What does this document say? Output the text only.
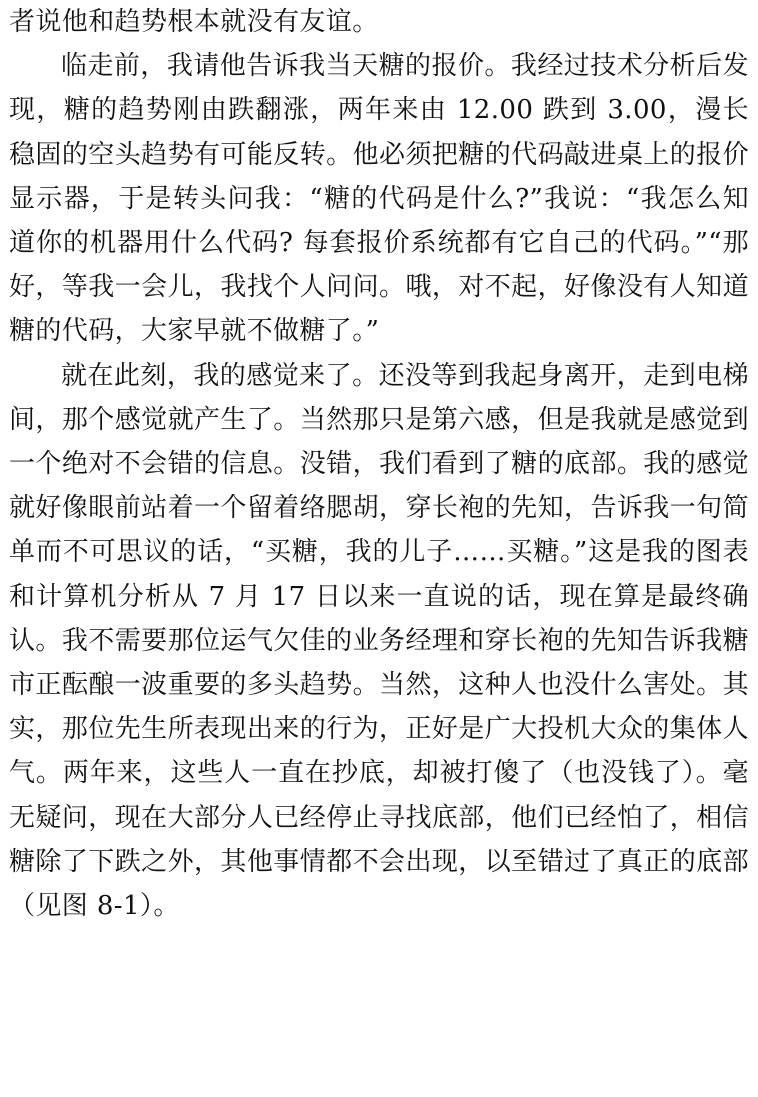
者说他和趋势根本就没有友谊。

临走前，我请他告诉我当天糖的报价。我经过技术分析后发现，糖的趋势刚由跌翻涨，两年来由 12.00 跌到 3.00，漫长稳固的空头趋势有可能反转。他必须把糖的代码敲进桌上的报价显示器，于是转头问我：“糖的代码是什么?”我说：“我怎么知道你的机器用什么代码? 每套报价系统都有它自己的代码。”“那好，等我一会儿，我找个人问问。哦，对不起，好像没有人知道糖的代码，大家早就不做糖了。”

就在此刻，我的感觉来了。还没等到我起身离开，走到电梯间，那个感觉就产生了。当然那只是第六感，但是我就是感觉到一个绝对不会错的信息。没错，我们看到了糖的底部。我的感觉就好像眼前站着一个留着络腮胡，穿长袍的先知，告诉我一句简单而不可思议的话，“买糖，我的儿子……买糖。”这是我的图表和计算机分析从 7 月 17 日以来一直说的话，现在算是最终确认。我不需要那位运气欠佳的业务经理和穿长袍的先知告诉我糖市正酝酿一波重要的多头趋势。当然，这种人也没什么害处。其实，那位先生所表现出来的行为，正好是广大投机大众的集体人气。两年来，这些人一直在抄底，却被打傻了（也没钱了）。毫无疑问，现在大部分人已经停止寻找底部，他们已经怕了，相信糖除了下跌之外，其他事情都不会出现，以至错过了真正的底部（见图 8-1）。
